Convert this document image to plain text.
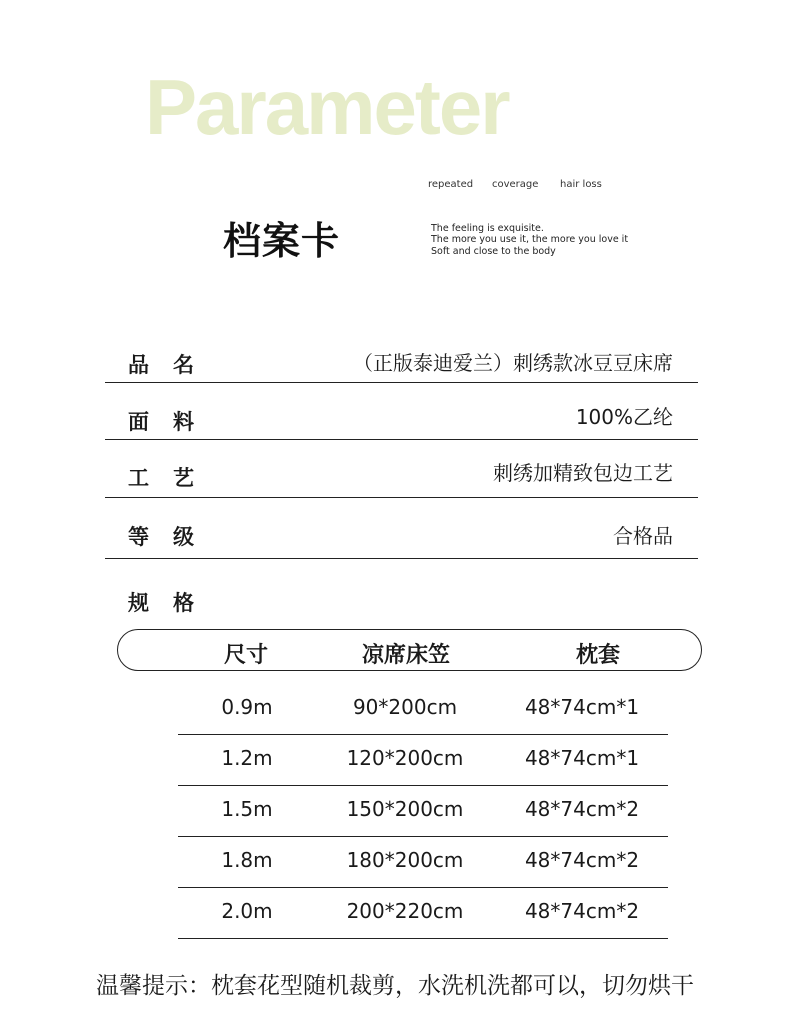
Parameter
repeated coverage hair loss
档案卡	The feeling is exquisite.
The more you use it, the more you love it
Soft and close to the body
品名	（正版泰迪爱兰）刺绣款冰豆豆床席
面料	100%乙纶
工艺	刺绣加精致包边工艺
等级	合格品
规格
尺寸	凉席床笠	枕套
0.9m	90*200cm	48*74cm*1
1.2m	120*200cm	48*74cm*1
1.5m	150*200cm	48*74cm*2
1.8m	180*200cm	48*74cm*2
2.0m	200*220cm	48*74cm*2
温馨提示：枕套花型随机裁剪，水洗机洗都可以，切勿烘干
